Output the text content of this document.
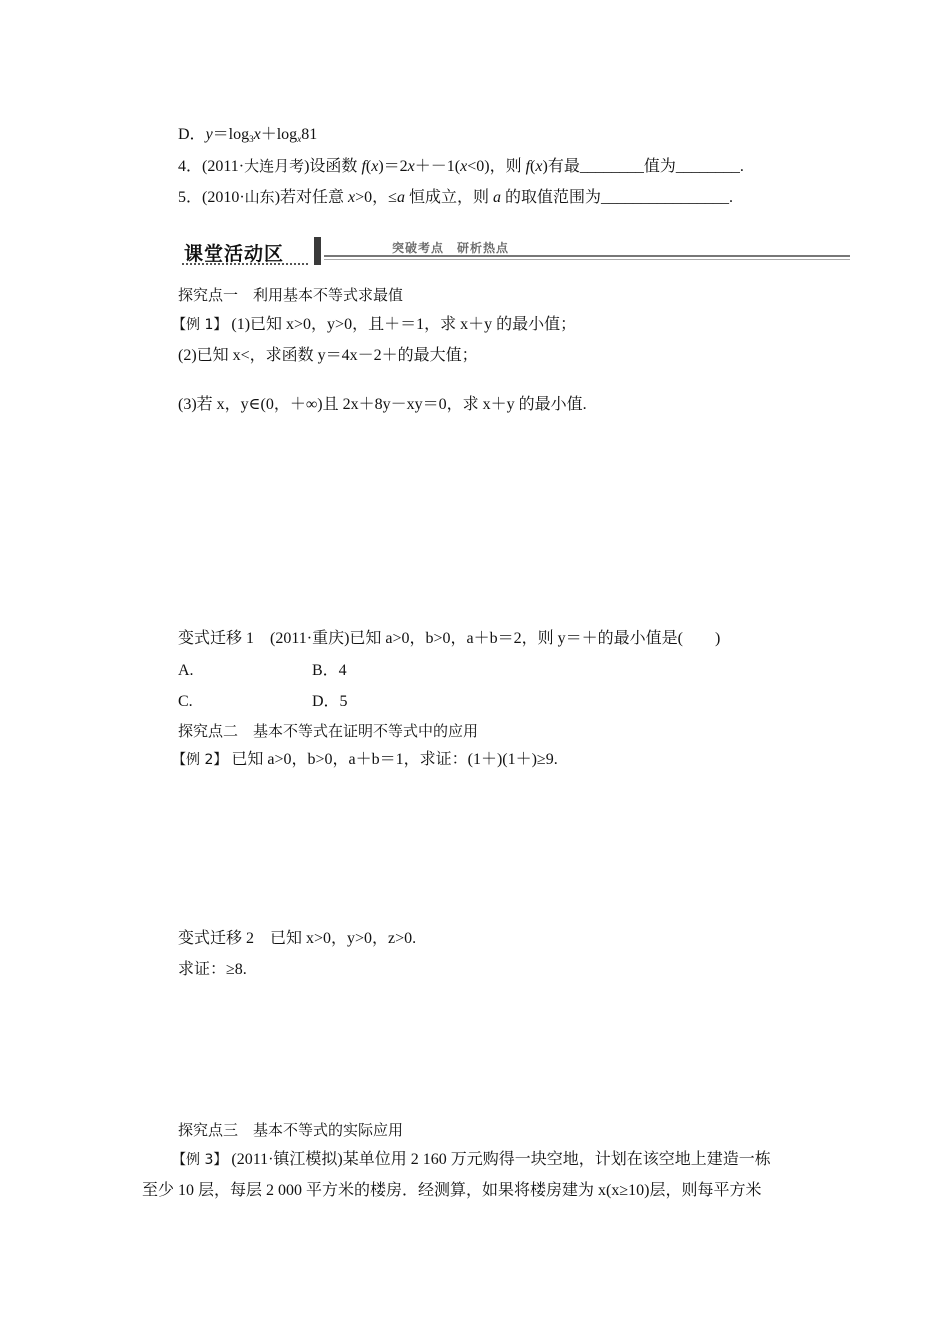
D．$y=\log_3x+\log_x81$
4．(2011·大连月考)设函数 f(x)＝2x＋－1(x<0)，则 f(x)有最________值为________.
5．(2010·山东)若对任意 x>0，≤a 恒成立，则 a 的取值范围为________________.
课堂活动区	突破考点　研析热点
探究点一　利用基本不等式求最值
【例 1】 (1)已知 x>0，y>0，且＋＝1，求 x＋y 的最小值；
(2)已知 x<，求函数 y＝4x－2＋的最大值；
(3)若 x，y∈(0，＋∞)且 2x＋8y－xy＝0，求 x＋y 的最小值.
变式迁移 1　(2011·重庆)已知 a>0，b>0，a＋b＝2，则 y＝＋的最小值是(　　)
A.	B．4
C.	D．5
探究点二　基本不等式在证明不等式中的应用
【例 2】 已知 a>0，b>0，a＋b＝1，求证：(1＋)(1＋)≥9.
变式迁移 2　已知 x>0，y>0，z>0.
求证：≥8.
探究点三　基本不等式的实际应用
【例 3】 (2011·镇江模拟)某单位用 2 160 万元购得一块空地，计划在该空地上建造一栋
至少 10 层，每层 2 000 平方米的楼房．经测算，如果将楼房建为 x(x≥10)层，则每平方米
